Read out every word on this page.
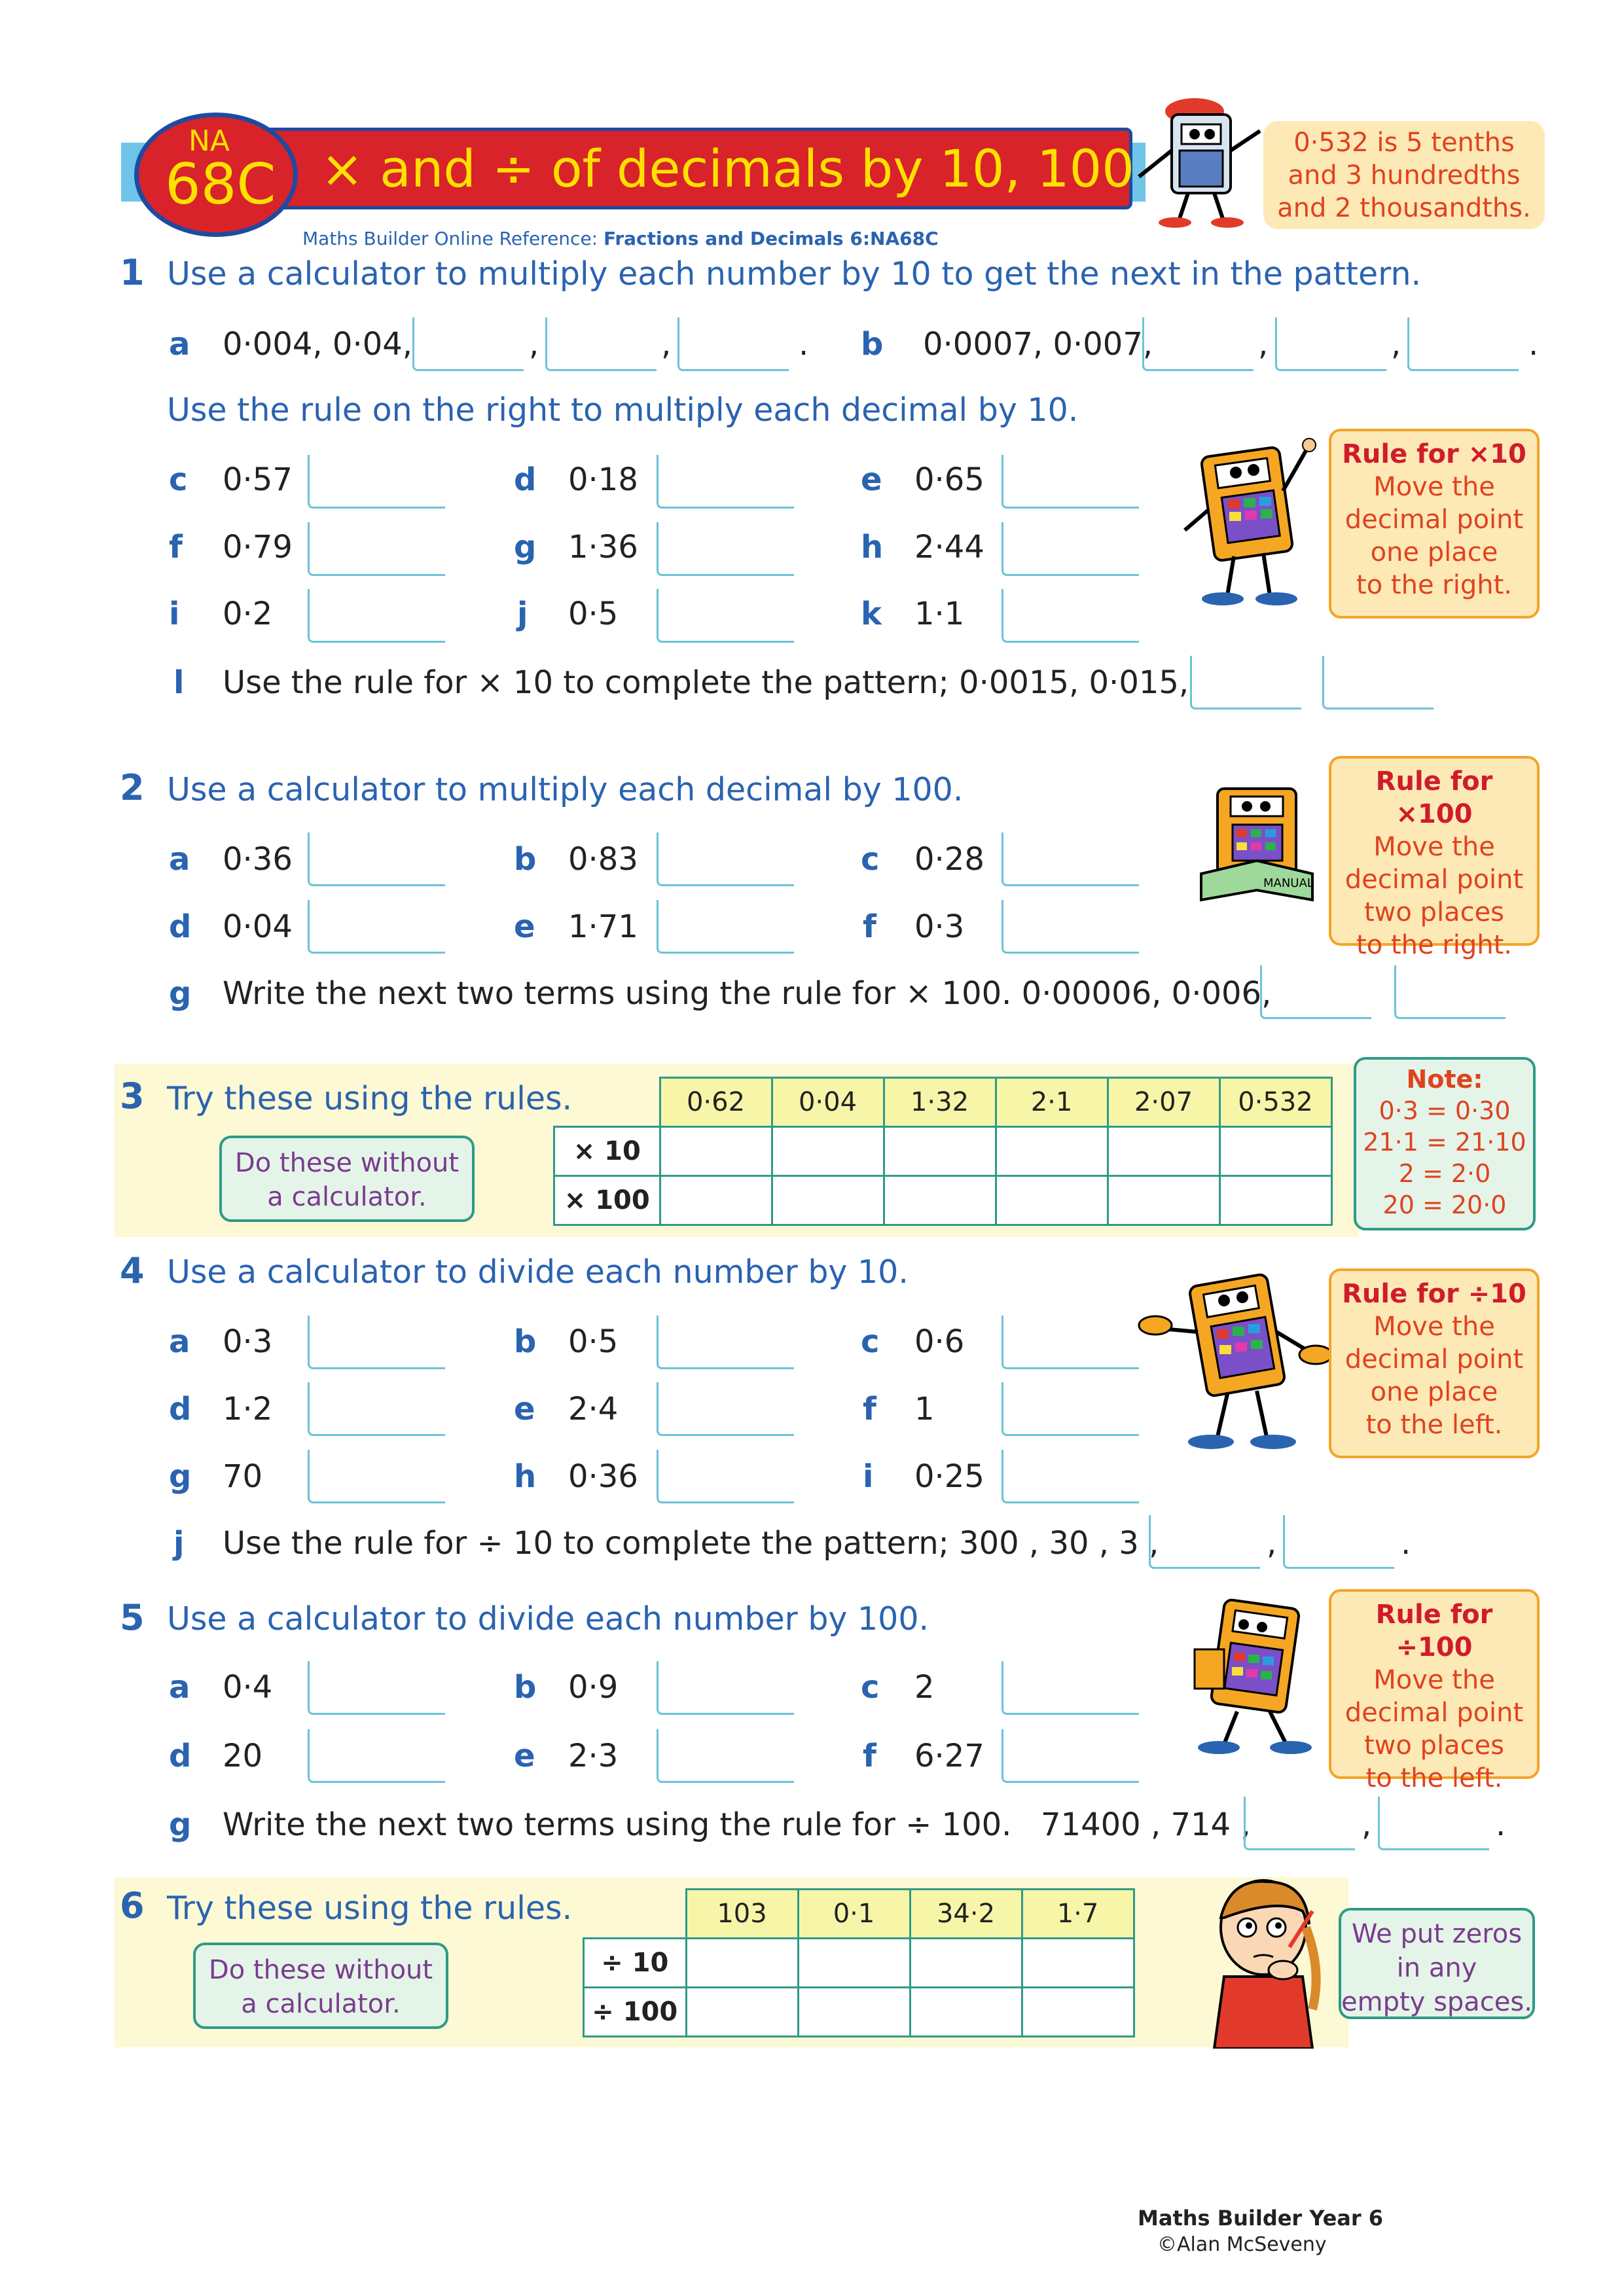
NA
68C × and ÷ of decimals by 10, 100
Maths Builder Online Reference: Fractions and Decimals 6:NA68C
0·532 is 5 tenths and 3 hundredths and 2 thousandths.
1 Use a calculator to multiply each number by 10 to get the next in the pattern.
a 0·004, 0·04,	,	,	. b 0·0007, 0·007,	,	,	.
Use the rule on the right to multiply each decimal by 10.
c 0·57	d 0·18	e 0·65
f 0·79	g 1·36	h 2·44
i 0·2	j 0·5	k 1·1
l Use the rule for × 10 to complete the pattern; 0·0015, 0·015,
Rule for ×10
Move the
decimal point
one place
to the right.
2 Use a calculator to multiply each decimal by 100.
a 0·36	b 0·83	c 0·28
d 0·04	e 1·71	f 0·3
g Write the next two terms using the rule for × 100. 0·00006, 0·006,
MANUAL
Rule for ×100
Move the
decimal point
two places
to the right.
3 Try these using the rules.
Do these without
a calculator.
	0·62	0·04	1·32	2·1	2·07	0·532
× 10						
× 100						
Note:
0·3 = 0·30
21·1 = 21·10
2 = 2·0
20 = 20·0
4 Use a calculator to divide each number by 10.
a 0·3	b 0·5	c 0·6
d 1·2	e 2·4	f 1
g 70	h 0·36	i 0·25
j Use the rule for ÷ 10 to complete the pattern; 300 , 30 , 3 ,	,	.
Rule for ÷10
Move the
decimal point
one place
to the left.
5 Use a calculator to divide each number by 100.
a 0·4	b 0·9	c 2
d 20	e 2·3	f 6·27
g Write the next two terms using the rule for ÷ 100. 71400 , 714 ,	,	.
Rule for ÷100
Move the
decimal point
two places
to the left.
6 Try these using the rules.
Do these without
a calculator.
	103	0·1	34·2	1·7
÷ 10				
÷ 100				
We put zeros
in any
empty spaces.
Maths Builder Year 6
©Alan McSeveny
